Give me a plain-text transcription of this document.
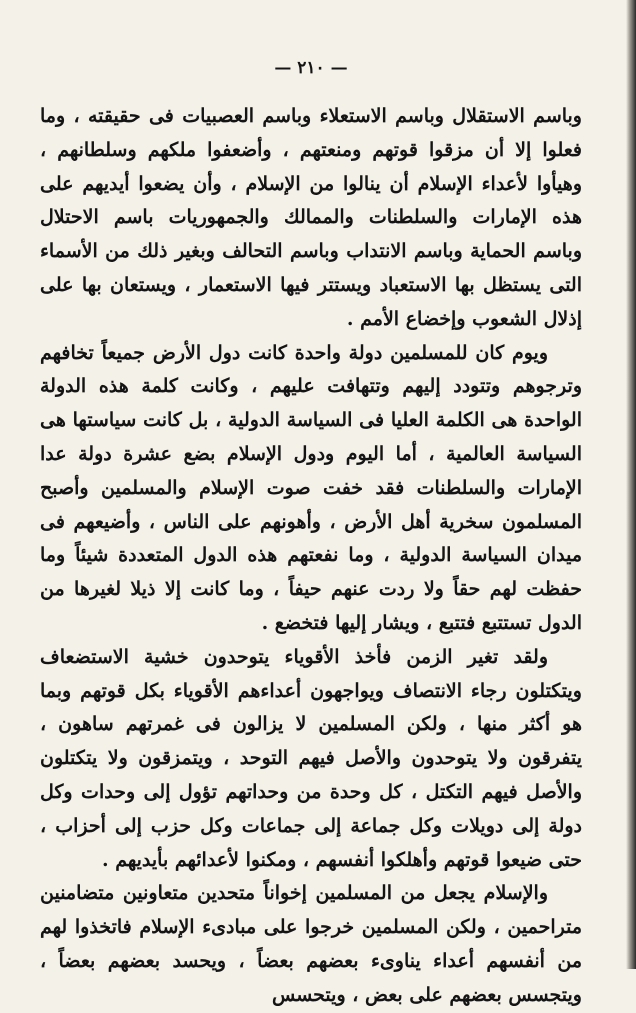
— ٢١٠ —

وباسم الاستقلال وباسم الاستعلاء وباسم العصبيات فى حقيقته ، وما فعلوا إلا أن مزقوا قوتهم ومنعتهم ، وأضعفوا ملكهم وسلطانهم ، وهيأوا لأعداء الإسلام أن ينالوا من الإسلام ، وأن يضعوا أيديهم على هذه الإمارات والسلطنات والممالك والجمهوريات باسم الاحتلال وباسم الحماية وباسم الانتداب وباسم التحالف وبغير ذلك من الأسماء التى يستظل بها الاستعباد ويستتر فيها الاستعمار ، ويستعان بها على إذلال الشعوب وإخضاع الأمم .

ويوم كان للمسلمين دولة واحدة كانت دول الأرض جميعاً تخافهم وترجوهم وتتودد إليهم وتتهافت عليهم ، وكانت كلمة هذه الدولة الواحدة هى الكلمة العليا فى السياسة الدولية ، بل كانت سياستها هى السياسة العالمية ، أما اليوم ودول الإسلام بضع عشرة دولة عدا الإمارات والسلطنات فقد خفت صوت الإسلام والمسلمين وأصبح المسلمون سخرية أهل الأرض ، وأهونهم على الناس ، وأضيعهم فى ميدان السياسة الدولية ، وما نفعتهم هذه الدول المتعددة شيئاً وما حفظت لهم حقاً ولا ردت عنهم حيفاً ، وما كانت إلا ذيلا لغيرها من الدول تستتبع فتتبع ، ويشار إليها فتخضع .

ولقد تغير الزمن فأخذ الأقوياء يتوحدون خشية الاستضعاف ويتكتلون رجاء الانتصاف ويواجهون أعداءهم الأقوياء بكل قوتهم وبما هو أكثر منها ، ولكن المسلمين لا يزالون فى غمرتهم ساهون ، يتفرقون ولا يتوحدون والأصل فيهم التوحد ، ويتمزقون ولا يتكتلون والأصل فيهم التكتل ، كل وحدة من وحداتهم تؤول إلى وحدات وكل دولة إلى دويلات وكل جماعة إلى جماعات وكل حزب إلى أحزاب ، حتى ضيعوا قوتهم وأهلكوا أنفسهم ، ومكنوا لأعدائهم بأيديهم .

والإسلام يجعل من المسلمين إخواناً متحدين متعاونين متضامنين متراحمين ، ولكن المسلمين خرجوا على مبادىء الإسلام فاتخذوا لهم من أنفسهم أعداء يناوىء بعضهم بعضاً ، ويحسد بعضهم بعضاً ، ويتجسس بعضهم على بعض ، ويتحسس
